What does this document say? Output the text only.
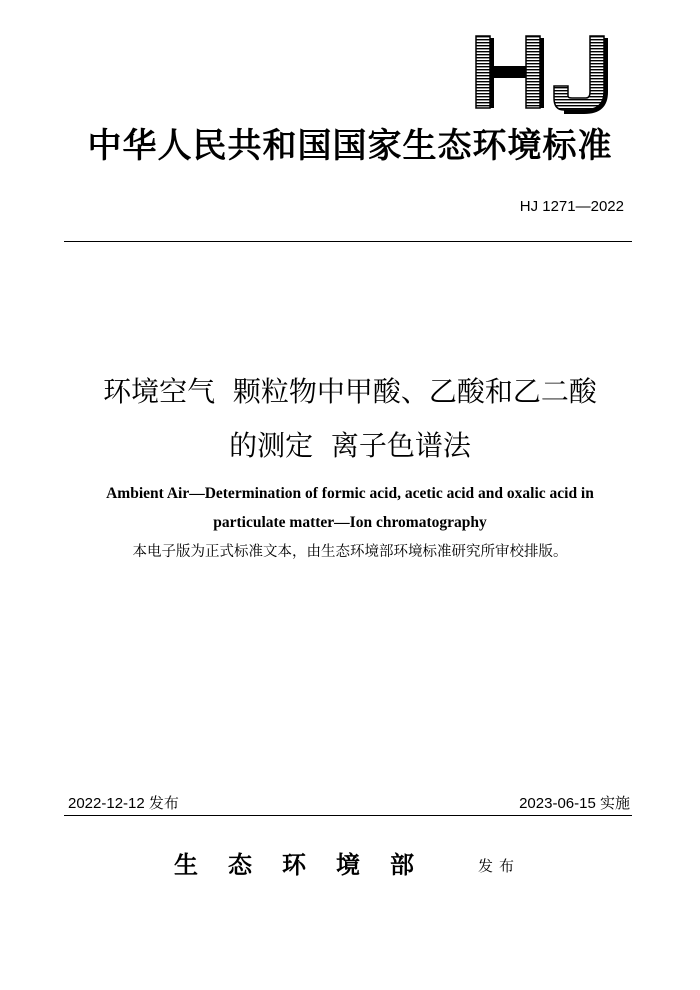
中华人民共和国国家生态环境标准
HJ 1271—2022
环境空气  颗粒物中甲酸、乙酸和乙二酸
的测定  离子色谱法
Ambient Air—Determination of formic acid, acetic acid and oxalic acid in
particulate matter—Ion chromatography
本电子版为正式标准文本，由生态环境部环境标准研究所审校排版。
2022-12-12 发布	2023-06-15 实施
生态环境部 发布
